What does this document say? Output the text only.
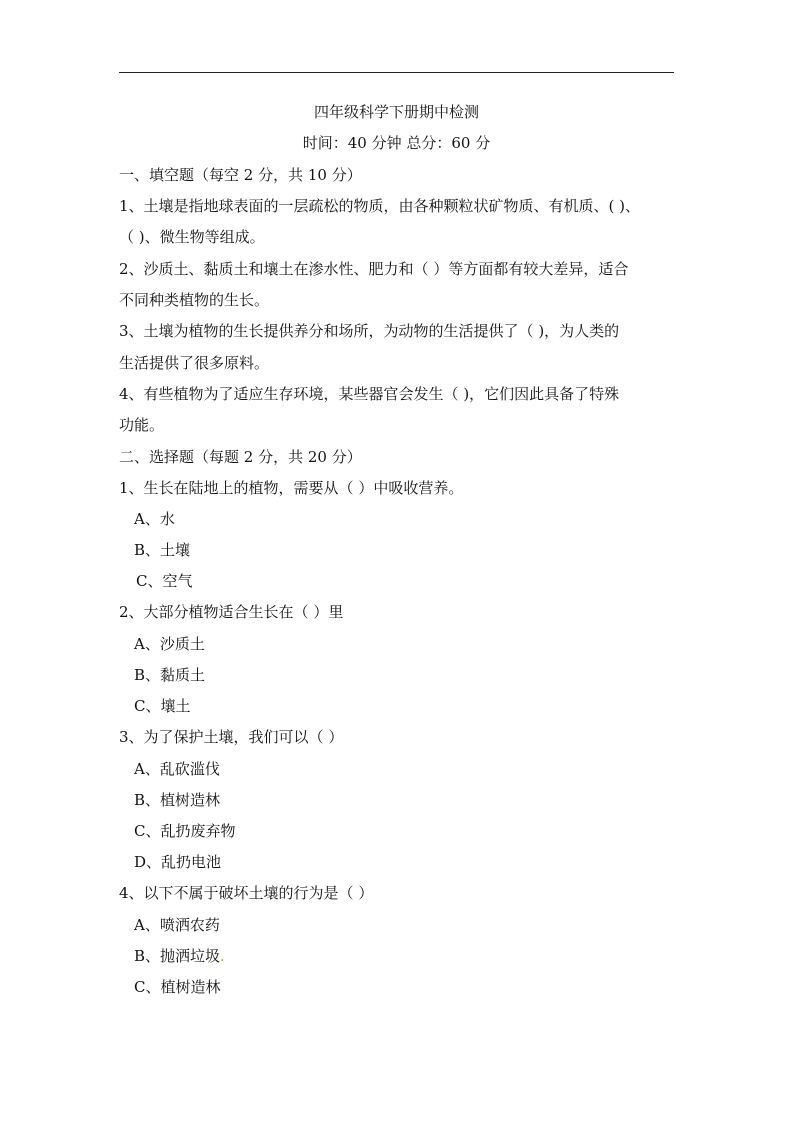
四年级科学下册期中检测
时间：40 分钟 总分：60 分
一、填空题（每空 2 分，共 10 分）
1、土壤是指地球表面的一层疏松的物质，由各种颗粒状矿物质、有机质、( )、
（ )、微生物等组成。
2、沙质土、黏质土和壤土在渗水性、肥力和（ ）等方面都有较大差异，适合
不同种类植物的生长。
3、土壤为植物的生长提供养分和场所，为动物的生活提供了（ )，为人类的
生活提供了很多原料。
4、有些植物为了适应生存环境，某些器官会发生（ )，它们因此具备了特殊
功能。
二、选择题（每题 2 分，共 20 分）
1、生长在陆地上的植物，需要从（ ）中吸收营养。
A、水
B、土壤
C、空气
2、大部分植物适合生长在（ ）里
A、沙质土
B、黏质土
C、壤土
3、为了保护土壤，我们可以（ ）
A、乱砍滥伐
B、植树造林
C、乱扔废弃物
D、乱扔电池
4、以下不属于破坏土壤的行为是（ ）
A、喷洒农药
B、抛洒垃圾.
C、植树造林
